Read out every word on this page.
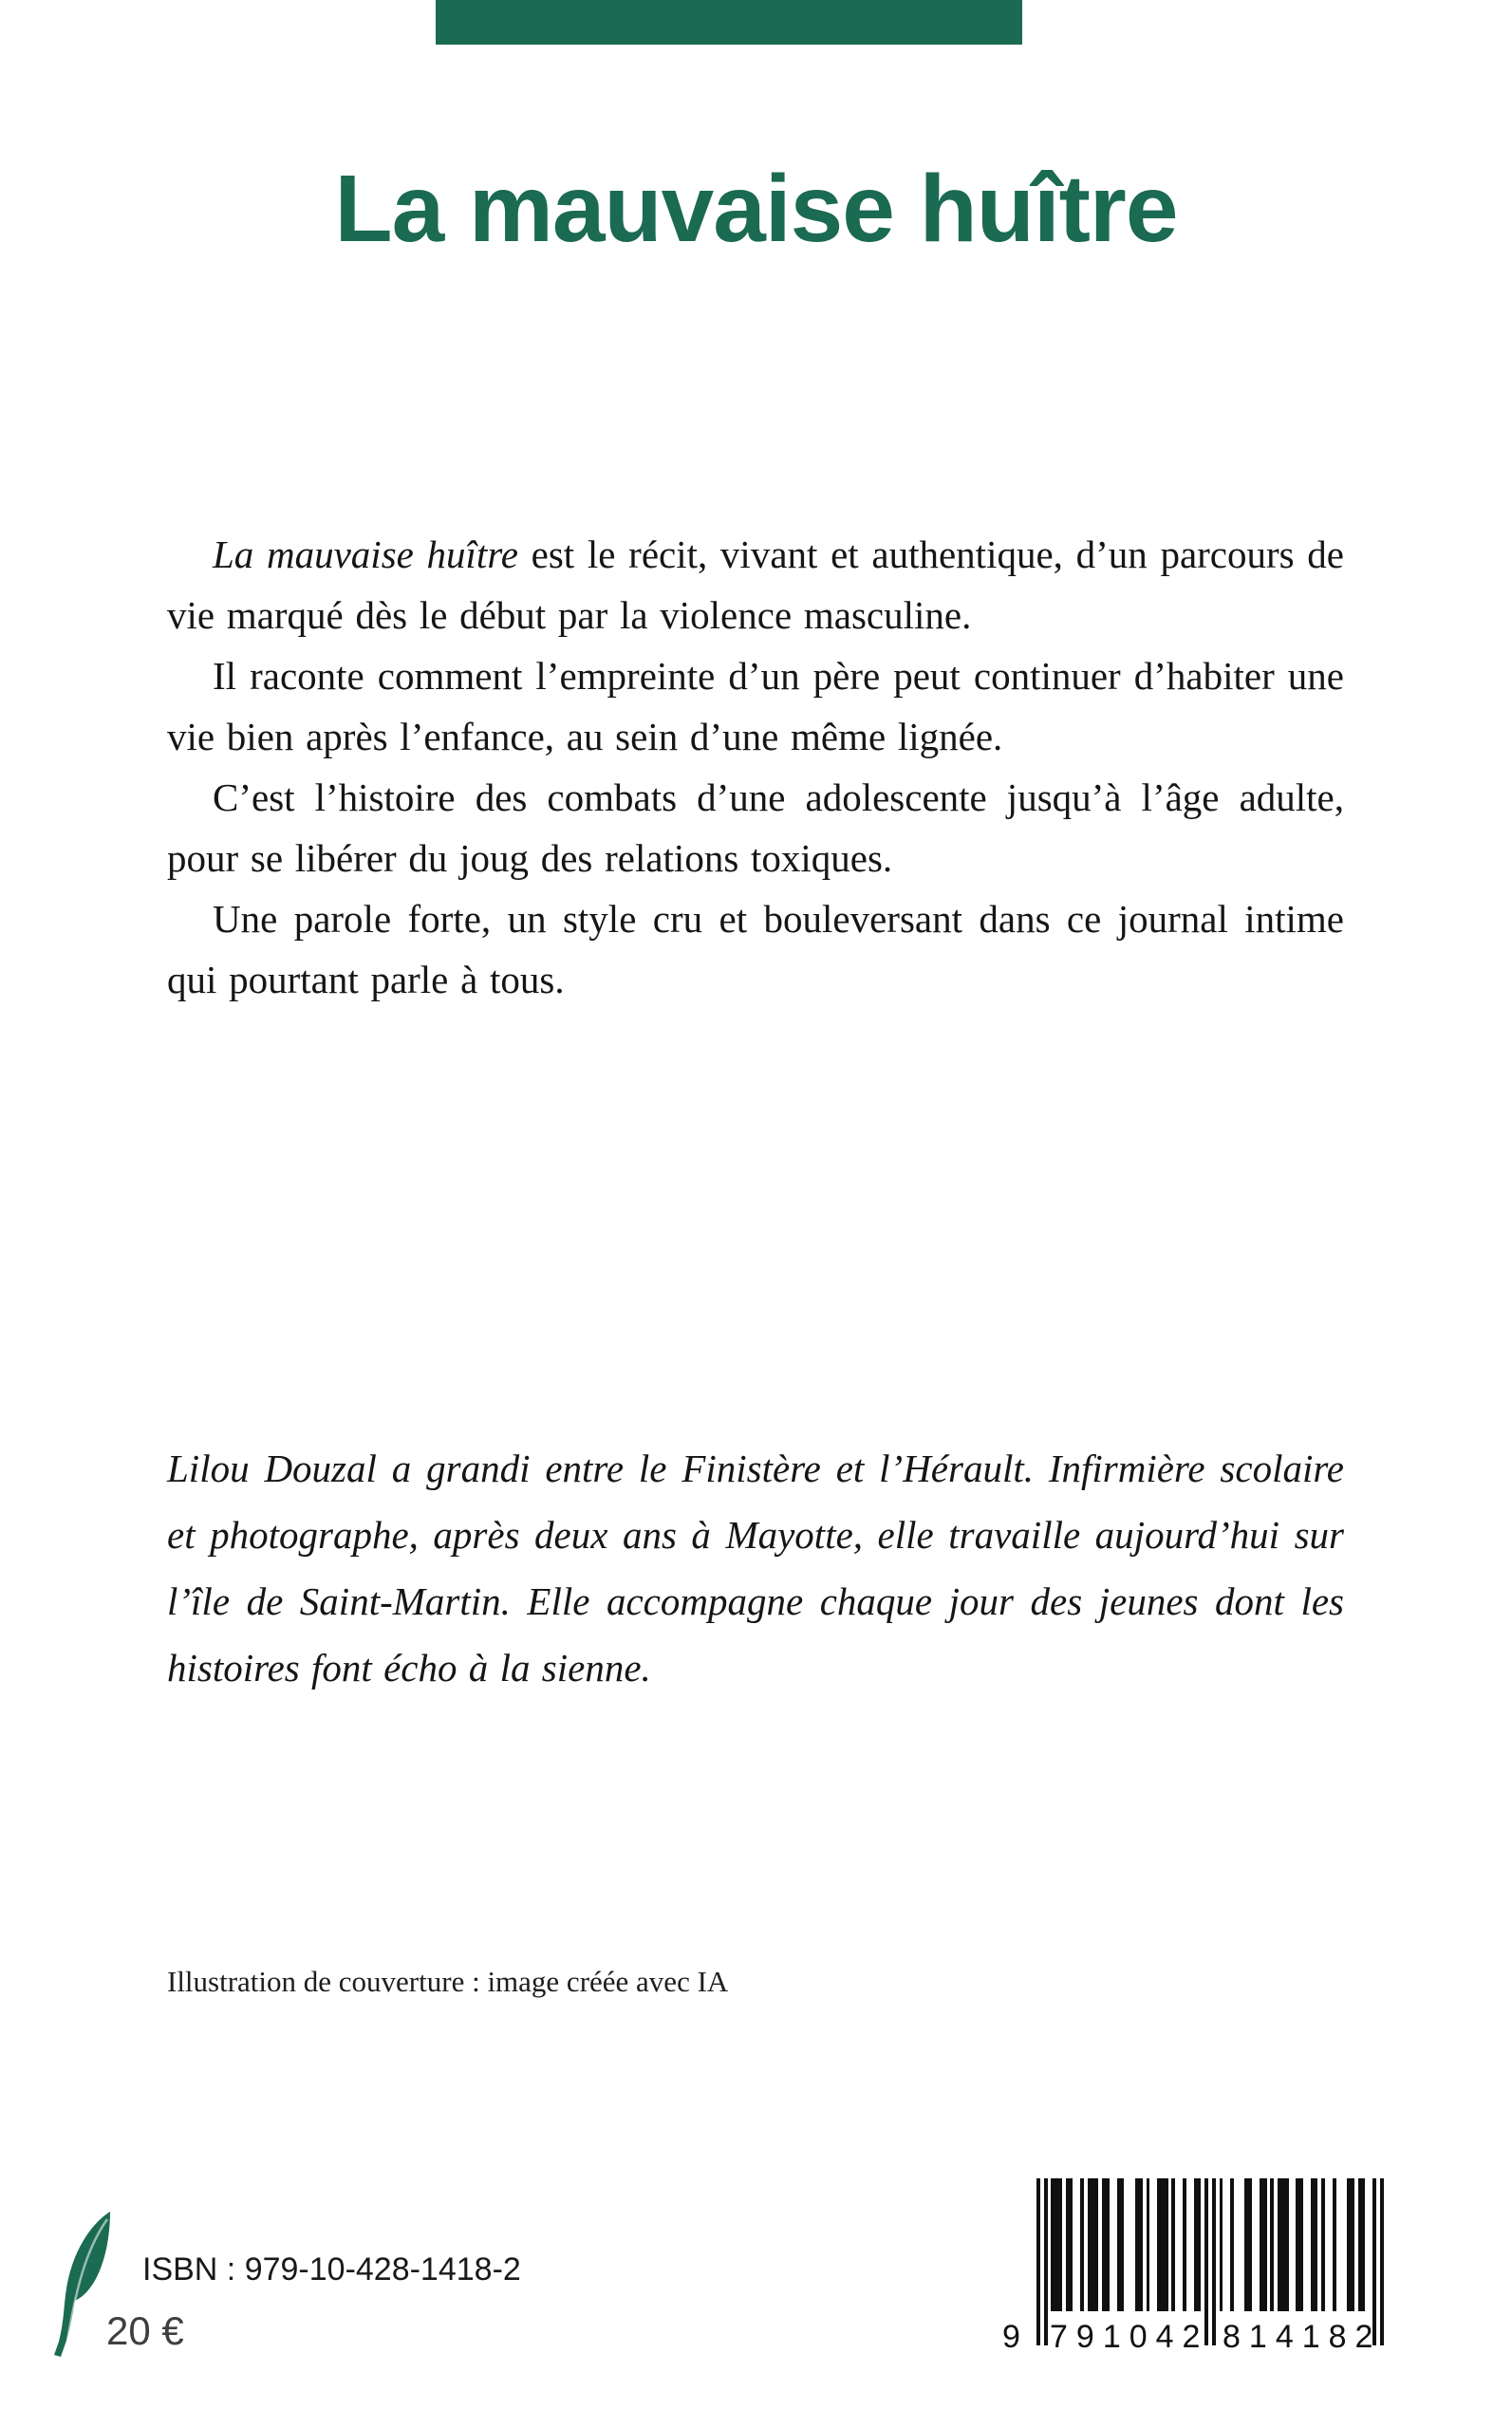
La mauvaise huître

La mauvaise huître est le récit, vivant et authentique, d’un parcours de vie marqué dès le début par la violence masculine.

Il raconte comment l’empreinte d’un père peut continuer d’habiter une vie bien après l’enfance, au sein d’une même lignée.

C’est l’histoire des combats d’une adolescente jusqu’à l’âge adulte, pour se libérer du joug des relations toxiques.

Une parole forte, un style cru et bouleversant dans ce journal intime qui pourtant parle à tous.

Lilou Douzal a grandi entre le Finistère et l’Hérault. Infirmière scolaire et photographe, après deux ans à Mayotte, elle travaille aujourd’hui sur l’île de Saint-Martin. Elle accompagne chaque jour des jeunes dont les histoires font écho à la sienne.

Illustration de couverture : image créée avec IA

ISBN : 979-10-428-1418-2
20 €	9 791042 814182
